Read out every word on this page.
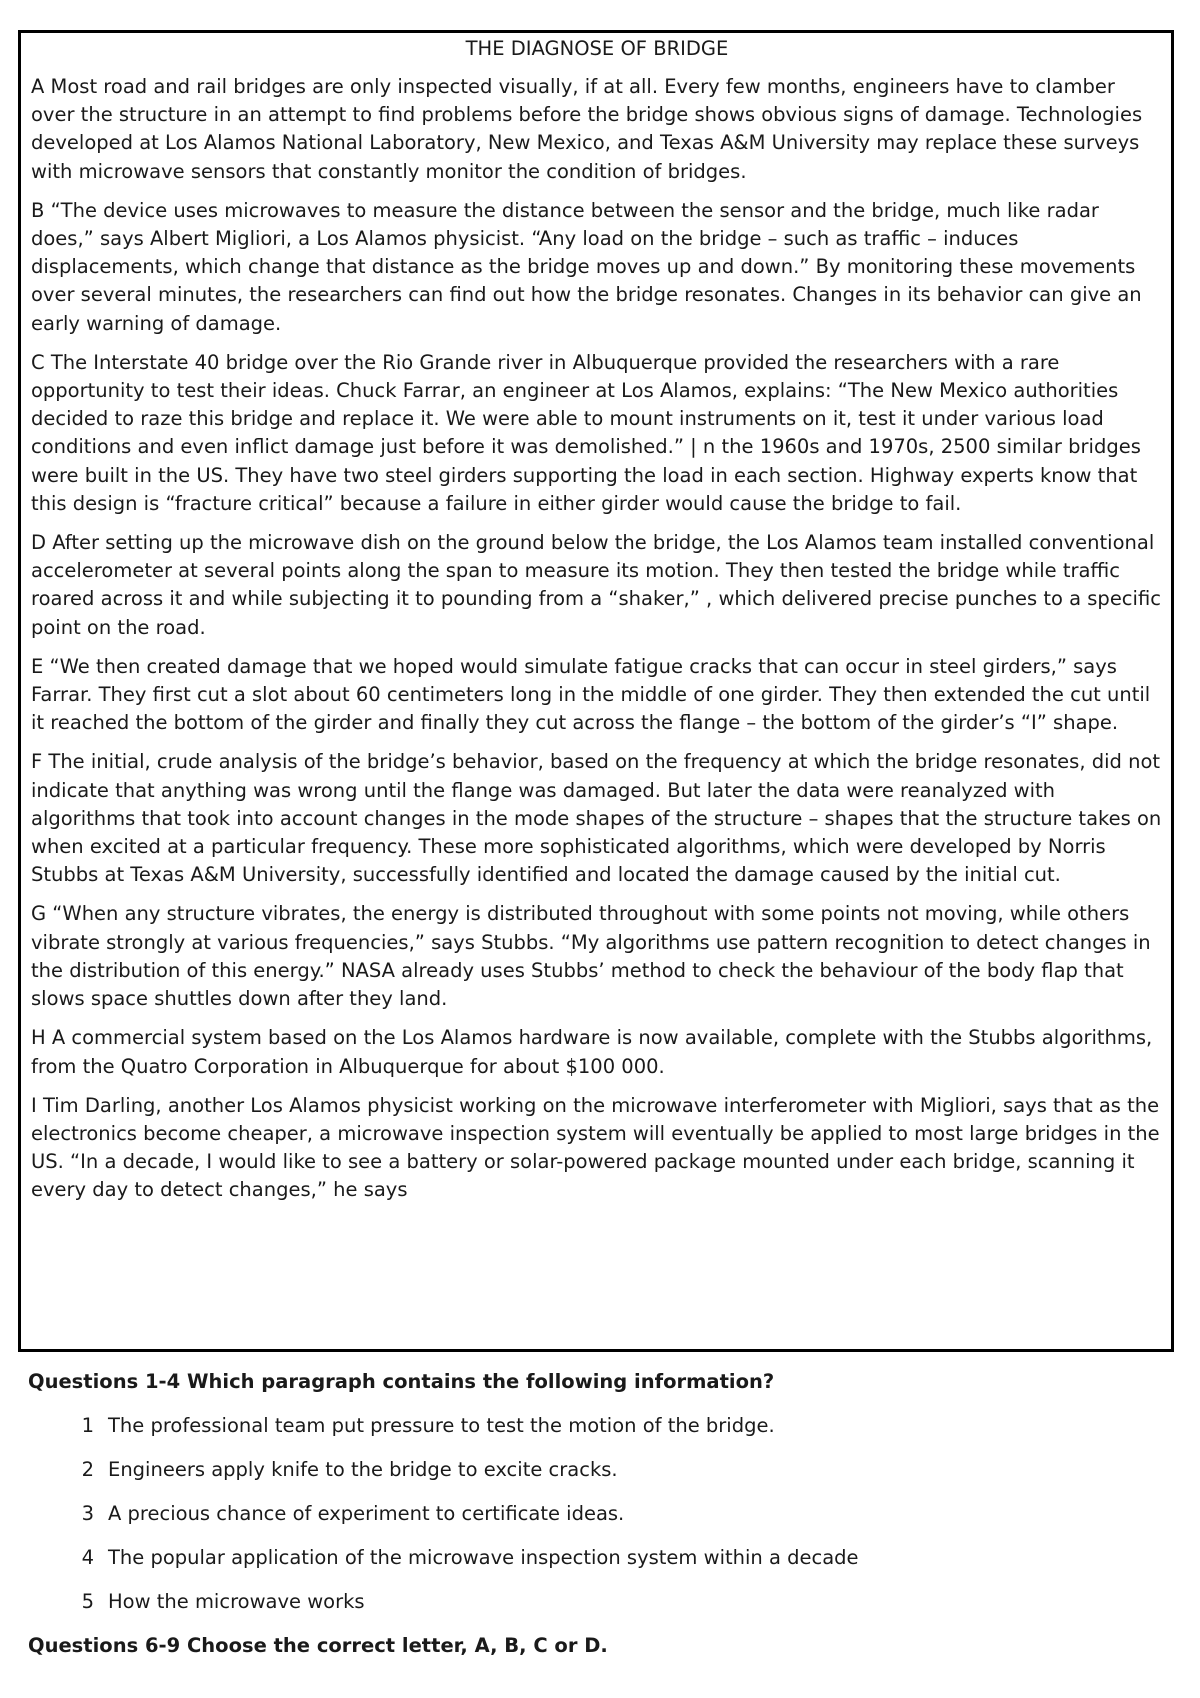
THE DIAGNOSE OF BRIDGE

A Most road and rail bridges are only inspected visually, if at all. Every few months, engineers have to clamber over the structure in an attempt to find problems before the bridge shows obvious signs of damage. Technologies developed at Los Alamos National Laboratory, New Mexico, and Texas A&M University may replace these surveys with microwave sensors that constantly monitor the condition of bridges.

B “The device uses microwaves to measure the distance between the sensor and the bridge, much like radar does,” says Albert Migliori, a Los Alamos physicist. “Any load on the bridge – such as traffic – induces displacements, which change that distance as the bridge moves up and down.” By monitoring these movements over several minutes, the researchers can find out how the bridge resonates. Changes in its behavior can give an early warning of damage.

C The Interstate 40 bridge over the Rio Grande river in Albuquerque provided the researchers with a rare opportunity to test their ideas. Chuck Farrar, an engineer at Los Alamos, explains: “The New Mexico authorities decided to raze this bridge and replace it. We were able to mount instruments on it, test it under various load conditions and even inflict damage just before it was demolished.” | n the 1960s and 1970s, 2500 similar bridges were built in the US. They have two steel girders supporting the load in each section. Highway experts know that this design is “fracture critical” because a failure in either girder would cause the bridge to fail.

D After setting up the microwave dish on the ground below the bridge, the Los Alamos team installed conventional accelerometer at several points along the span to measure its motion. They then tested the bridge while traffic roared across it and while subjecting it to pounding from a “shaker,” , which delivered precise punches to a specific point on the road.

E “We then created damage that we hoped would simulate fatigue cracks that can occur in steel girders,” says Farrar. They first cut a slot about 60 centimeters long in the middle of one girder. They then extended the cut until it reached the bottom of the girder and finally they cut across the flange – the bottom of the girder’s “I” shape.

F The initial, crude analysis of the bridge’s behavior, based on the frequency at which the bridge resonates, did not indicate that anything was wrong until the flange was damaged. But later the data were reanalyzed with algorithms that took into account changes in the mode shapes of the structure – shapes that the structure takes on when excited at a particular frequency. These more sophisticated algorithms, which were developed by Norris Stubbs at Texas A&M University, successfully identified and located the damage caused by the initial cut.

G “When any structure vibrates, the energy is distributed throughout with some points not moving, while others vibrate strongly at various frequencies,” says Stubbs. “My algorithms use pattern recognition to detect changes in the distribution of this energy.” NASA already uses Stubbs’ method to check the behaviour of the body flap that slows space shuttles down after they land.

H A commercial system based on the Los Alamos hardware is now available, complete with the Stubbs algorithms, from the Quatro Corporation in Albuquerque for about $100 000.

I Tim Darling, another Los Alamos physicist working on the microwave interferometer with Migliori, says that as the electronics become cheaper, a microwave inspection system will eventually be applied to most large bridges in the US. “In a decade, I would like to see a battery or solar-powered package mounted under each bridge, scanning it every day to detect changes,” he says

Questions 1-4 Which paragraph contains the following information?
1 The professional team put pressure to test the motion of the bridge.
2 Engineers apply knife to the bridge to excite cracks.
3 A precious chance of experiment to certificate ideas.
4 The popular application of the microwave inspection system within a decade
5 How the microwave works
Questions 6-9 Choose the correct letter, A, B, C or D.
